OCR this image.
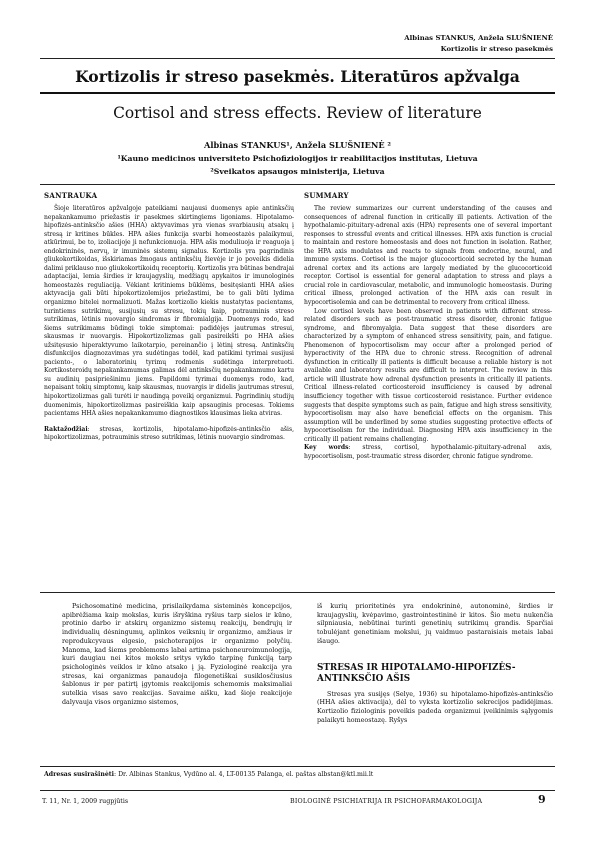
Albinas STANKUS, Anžela SLUŠNIENĖ
Kortizolis ir streso pasekmės
Kortizolis ir streso pasekmės. Literatūros apžvalga
Cortisol and stress effects. Review of literature
Albinas STANKUS¹, Anžela SLUŠNIENĖ ²
¹Kauno medicinos universiteto Psichofiziologijos ir reabilitacijos institutas, Lietuva
²Sveikatos apsaugos ministerija, Lietuva
SANTRAUKA

Šioje literatūros apžvalgoje pateikiami naujausi duomenys apie antinksčių nepakankamumo priežastis ir pasekmes skirtingiems ligoniams. Hipotalamo-hipofizės-antinksčio ašies (HHA) aktyvavimas yra vienas svarbiausių atsakų į stresą ir kritines būkles. HPA ašies funkcija svarbi homeostazės palaikymui, atkūrimui, be to, izoliacijoje ji nefunkcionuoja. HPA ašis moduliuoja ir reaguoja į endokrininės, nervų, ir imuninės sistemų signalus. Kortizolis yra pagrindinis gliukokortikoidas, išskiriamas žmogaus antinksčių žievėje ir jo poveikis didelia dalimi priklauso nuo gliukokortikoidų receptorių. Kortizolis yra būtinas bendrajai adaptacijai, lemia širdies ir kraujagyslių, medžiagų apykaitos ir imunologinės homeostazės reguliaciją. Vėkiant kritiniems būklėms, besitęsianti HHA ašies aktyvacija gali būti hipokortizolemijos priežastimi, be to gali būti lydima organizmo bitelei normalizuoti. Mažas kortizolio kiekis nustatytas pacientams, turintiems sutrikimų, susijusių su stresu, tokių kaip, potrauminis streso sutrikimas, lėtinis nuovargio sindromas ir fibromialgija. Duomenys rodo, kad šiems sutrikimams būdingi tokie simptomai: padidėjęs jautrumas stresui, skausmas ir nuovargis. Hipokortizolizmas gali pasireikšti po HHA ašies užsitęsusio hiperaktyvumo laikotarpio, pereinančio į lėtinį stresą. Antinksčių disfunkcijos diagnozavimas yra sudėtingas todėl, kad patikimi tyrimai susijusi paciento-, o laboratorinių tyrimų rodmenis sudėtinga interpretuoti. Kortikosteroidų nepakankamumas galimas dėl antinksčių nepakankamumo kartu su audinių pasipriešinimu jiems. Papildomi tyrimai duomenys rodo, kad, nepaisant tokių simptomų, kaip skausmas, nuovargis ir didelis jautrumas stresui, hipokortizolizmas gali turėti ir naudingą poveikį organizmui. Pagrindinių studijų duomenimis, hipokortizolizmas pasireiškia kaip apsauginis procesas. Tokiems pacientams HHA ašies nepakankamumo diagnostikos klausimas lieka atviras.

Raktažodžiai: stresas, kortizolis, hipotalamo-hipofizės-antinksčio ašis, hipokortizolizmas, potrauminis streso sutrikimas, lėtinis nuovargio sindromas.

SUMMARY

The review summarizes our current understanding of the causes and consequences of adrenal function in critically ill patients. Activation of the hypothalamic-pituitary-adrenal axis (HPA) represents one of several important responses to stressful events and critical illnesses. HPA axis function is crucial to maintain and restore homeostasis and does not function in isolation. Rather, the HPA axis modulates and reacts to signals from endocrine, neural, and immune systems. Cortisol is the major glucocorticoid secreted by the human adrenal cortex and its actions are largely mediated by the glucocorticoid receptor. Cortisol is essential for general adaptation to stress and plays a crucial role in cardiovascular, metabolic, and immunologic homeostasis. During critical illness, prolonged activation of the HPA axis can result in hypocortisolemia and can be detrimental to recovery from critical illness.

Low cortisol levels have been observed in patients with different stress-related disorders such as post-traumatic stress disorder, chronic fatigue syndrome, and fibromyalgia. Data suggest that these disorders are characterized by a symptom of enhanced stress sensitivity, pain, and fatigue. Phenomenon of hypocortisolism may occur after a prolonged period of hyperactivity of the HPA due to chronic stress. Recognition of adrenal dysfunction in critically ill patients is difficult because a reliable history is not available and laboratory results are difficult to interpret. The review in this article will illustrate how adrenal dysfunction presents in critically ill patients. Critical illness-related corticosteroid insufficiency is caused by adrenal insufficiency together with tissue corticosteroid resistance. Further evidence suggests that despite symptoms such as pain, fatigue and high stress sensitivity, hypocortisolism may also have beneficial effects on the organism. This assumption will be underlined by some studies suggesting protective effects of hypocortisolism for the individual. Diagnosing HPA axis insufficiency in the critically ill patient remains challenging.

Key words: stress, cortisol, hypothalamic-pituitary-adrenal axis, hypocortisolism, post-traumatic stress disorder, chronic fatigue syndrome.

Psichosomatinė medicina, prisilaikydama sisteminės koncepcijos, apibrėžiama kaip mokslas, kuris išryškina ryšius tarp sielos ir kūno, protinio darbo ir atskirų organizmo sistemų reakcijų, bendrųjų ir individualių dėsningumų, aplinkos veiksnių ir organizmo, amžiaus ir reprodukcyvaus elgesio, psichoterapijos ir organizmo polyčių. Manoma, kad šiems problemoms labai artima psichoneuroimunologija, kuri daugiau nei kitos mokslo sritys vykdo tarpinę funkciją tarp psichologinės veiklos ir kūno atsako į ją. Fyziologinė reakcija yra stresas, kai organizmas panaudoja filogenetiškai susiklosčiusius šablonus ir per patirtį įgytomis reakcijomis schemomis maksimaliai sutelkia visas savo reakcijas. Savaime aišku, kad šioje reakcijoje dalyvauja visos organizmo sistemos,

iš kurių prioritetinės yra endokrininė, autonominė, širdies ir kraujagyslių, kvėpavimo, gastrointestininė ir kitos. Šio metu nukenčia silpniausia, nebūtinai turinti genetinių sutrikimų grandis. Sparčiai tobulėjant genetiniam mokslui, jų vaidmuo pastaraisiais metais labai išaugo.

STRESAS IR HIPOTALAMO-HIPOFIZĖS-ANTINKSČIO AŠIS

Stresas yra susijęs (Selye, 1936) su hipotalamo-hipofizės-antinksčio (HHA ašies aktivacija), dėl to vyksta kortizolio sekrecijos padidėjimas. Kortizolio fiziologinis poveikis padeda organizmui įveikinimis sąlygomis palaikyti homeostazę. Ryšys

Adresas susirašinėti: Dr. Albinas Stankus, Vydūno al. 4, LT-00135 Palanga, el. paštas albstan@ktl.mii.lt
T. 11, Nr. 1, 2009 rugpjūtis	BIOLOGINĖ PSICHIATRIJA IR PSICHOFARMAKOLOGIJA	9
